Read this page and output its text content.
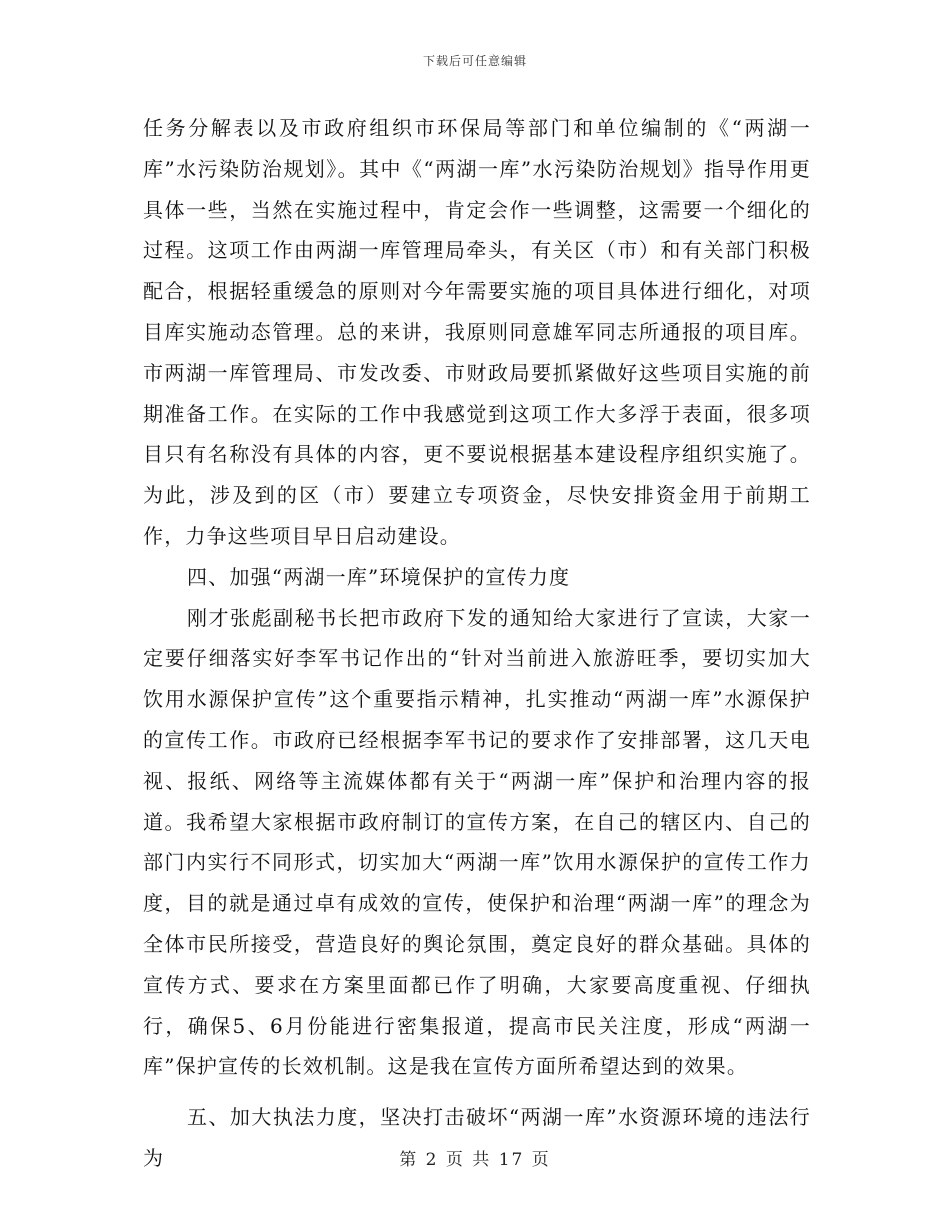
下载后可任意编辑

任务分解表以及市政府组织市环保局等部门和单位编制的《“两湖一库”水污染防治规划》。其中《“两湖一库”水污染防治规划》指导作用更具体一些，当然在实施过程中，肯定会作一些调整，这需要一个细化的过程。这项工作由两湖一库管理局牵头，有关区（市）和有关部门积极配合，根据轻重缓急的原则对今年需要实施的项目具体进行细化，对项目库实施动态管理。总的来讲，我原则同意雄军同志所通报的项目库。市两湖一库管理局、市发改委、市财政局要抓紧做好这些项目实施的前期准备工作。在实际的工作中我感觉到这项工作大多浮于表面，很多项目只有名称没有具体的内容，更不要说根据基本建设程序组织实施了。为此，涉及到的区（市）要建立专项资金，尽快安排资金用于前期工作，力争这些项目早日启动建设。

四、加强“两湖一库”环境保护的宣传力度

刚才张彪副秘书长把市政府下发的通知给大家进行了宣读，大家一定要仔细落实好李军书记作出的“针对当前进入旅游旺季，要切实加大饮用水源保护宣传”这个重要指示精神，扎实推动“两湖一库”水源保护的宣传工作。市政府已经根据李军书记的要求作了安排部署，这几天电视、报纸、网络等主流媒体都有关于“两湖一库”保护和治理内容的报道。我希望大家根据市政府制订的宣传方案，在自己的辖区内、自己的部门内实行不同形式，切实加大“两湖一库”饮用水源保护的宣传工作力度，目的就是通过卓有成效的宣传，使保护和治理“两湖一库”的理念为全体市民所接受，营造良好的舆论氛围，奠定良好的群众基础。具体的宣传方式、要求在方案里面都已作了明确，大家要高度重视、仔细执行，确保5、6月份能进行密集报道，提高市民关注度，形成“两湖一库”保护宣传的长效机制。这是我在宣传方面所希望达到的效果。

五、加大执法力度，坚决打击破坏“两湖一库”水资源环境的违法行为	第 2 页 共 17 页
